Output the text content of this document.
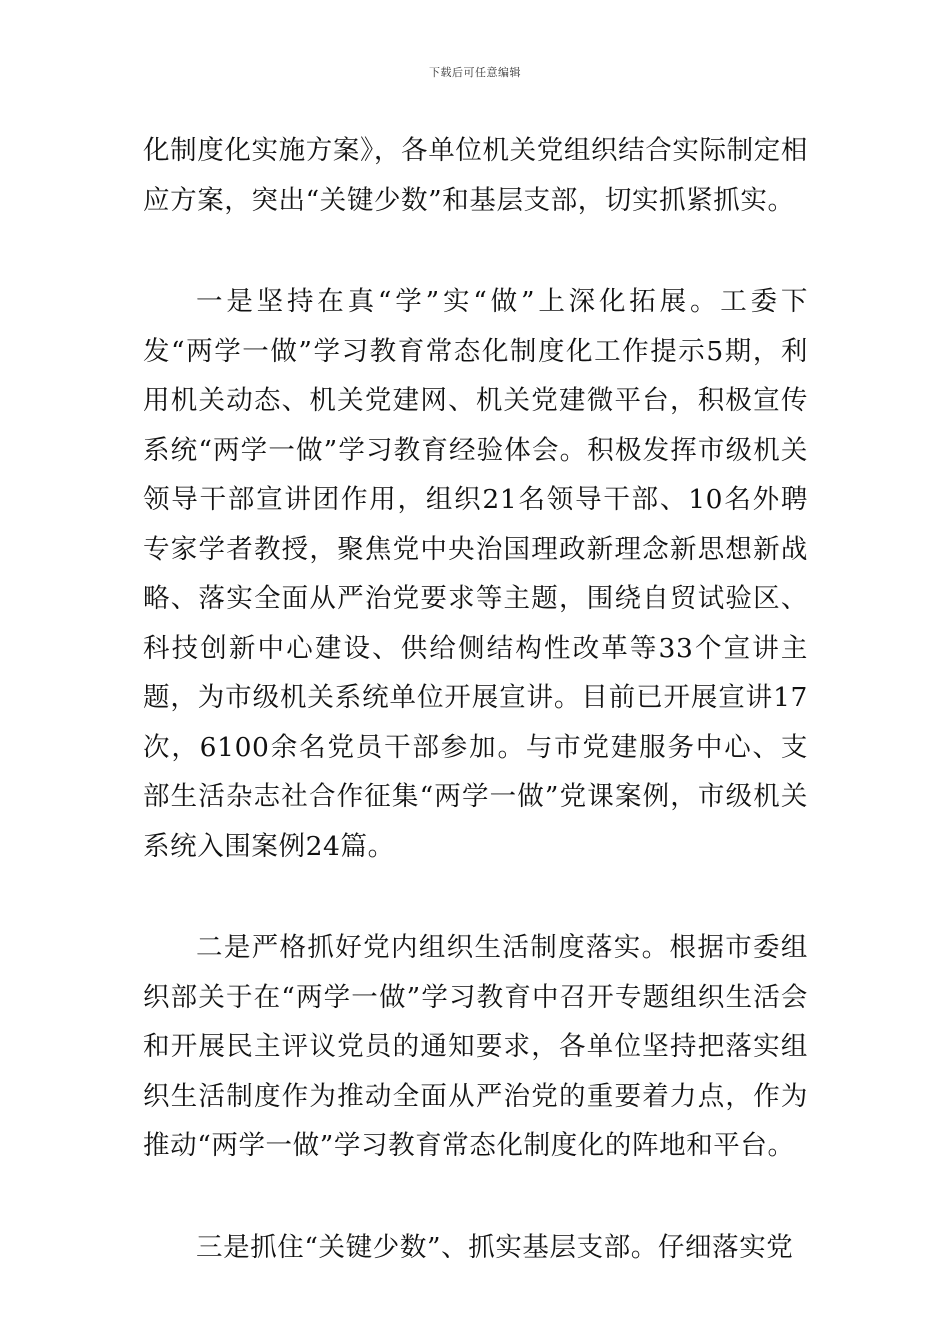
下载后可任意编辑

化制度化实施方案》，各单位机关党组织结合实际制定相应方案，突出“关键少数”和基层支部，切实抓紧抓实。

一是坚持在真“学”实“做”上深化拓展。工委下发“两学一做”学习教育常态化制度化工作提示5期，利用机关动态、机关党建网、机关党建微平台，积极宣传系统“两学一做”学习教育经验体会。积极发挥市级机关领导干部宣讲团作用，组织21名领导干部、10名外聘专家学者教授，聚焦党中央治国理政新理念新思想新战略、落实全面从严治党要求等主题，围绕自贸试验区、科技创新中心建设、供给侧结构性改革等33个宣讲主题，为市级机关系统单位开展宣讲。目前已开展宣讲17次，6100余名党员干部参加。与市党建服务中心、支部生活杂志社合作征集“两学一做”党课案例，市级机关系统入围案例24篇。

二是严格抓好党内组织生活制度落实。根据市委组织部关于在“两学一做”学习教育中召开专题组织生活会和开展民主评议党员的通知要求，各单位坚持把落实组织生活制度作为推动全面从严治党的重要着力点，作为推动“两学一做”学习教育常态化制度化的阵地和平台。

三是抓住“关键少数”、抓实基层支部。仔细落实党
